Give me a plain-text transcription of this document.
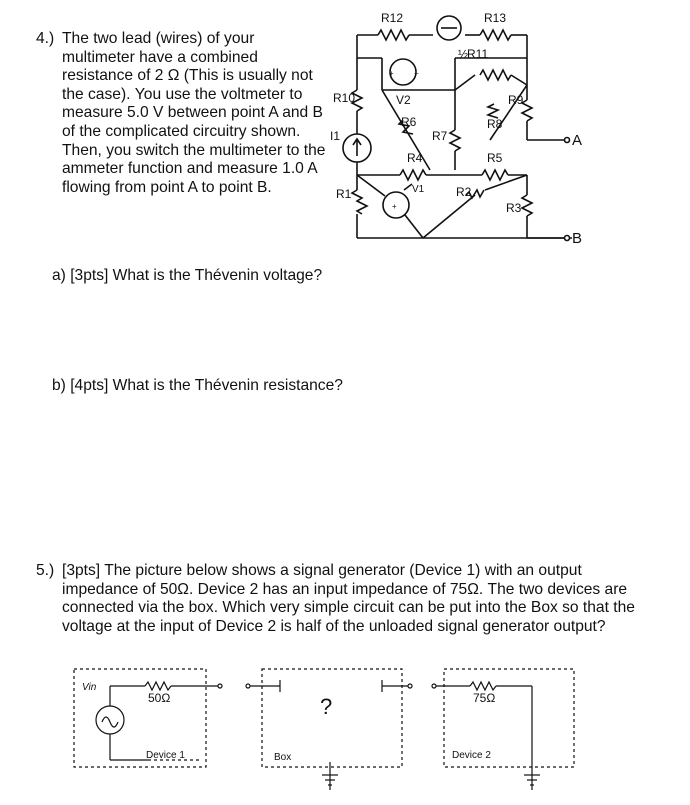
4.) The two lead (wires) of your multimeter have a combined resistance of 2 Ω (This is usually not the case). You use the voltmeter to measure 5.0 V between point A and B of the complicated circuitry shown. Then, you switch the multimeter to the ammeter function and measure 1.0 A flowing from point A to point B.
R12	R13
½
R11
R10	V2
R6
R7
R8
R9
I1
R4	R5
R1	R2
R3
V1
A
B
+	−
+
a) [3pts] What is the Thévenin voltage?
b) [4pts] What is the Thévenin resistance?
5.) [3pts] The picture below shows a signal generator (Device 1) with an output impedance of 50Ω. Device 2 has an input impedance of 75Ω. The two devices are connected via the box. Which very simple circuit can be put into the Box so that the voltage at the input of Device 2 is half of the unloaded signal generator output?
Vin
50Ω
Device 1	Box
?	75Ω
Device 2
